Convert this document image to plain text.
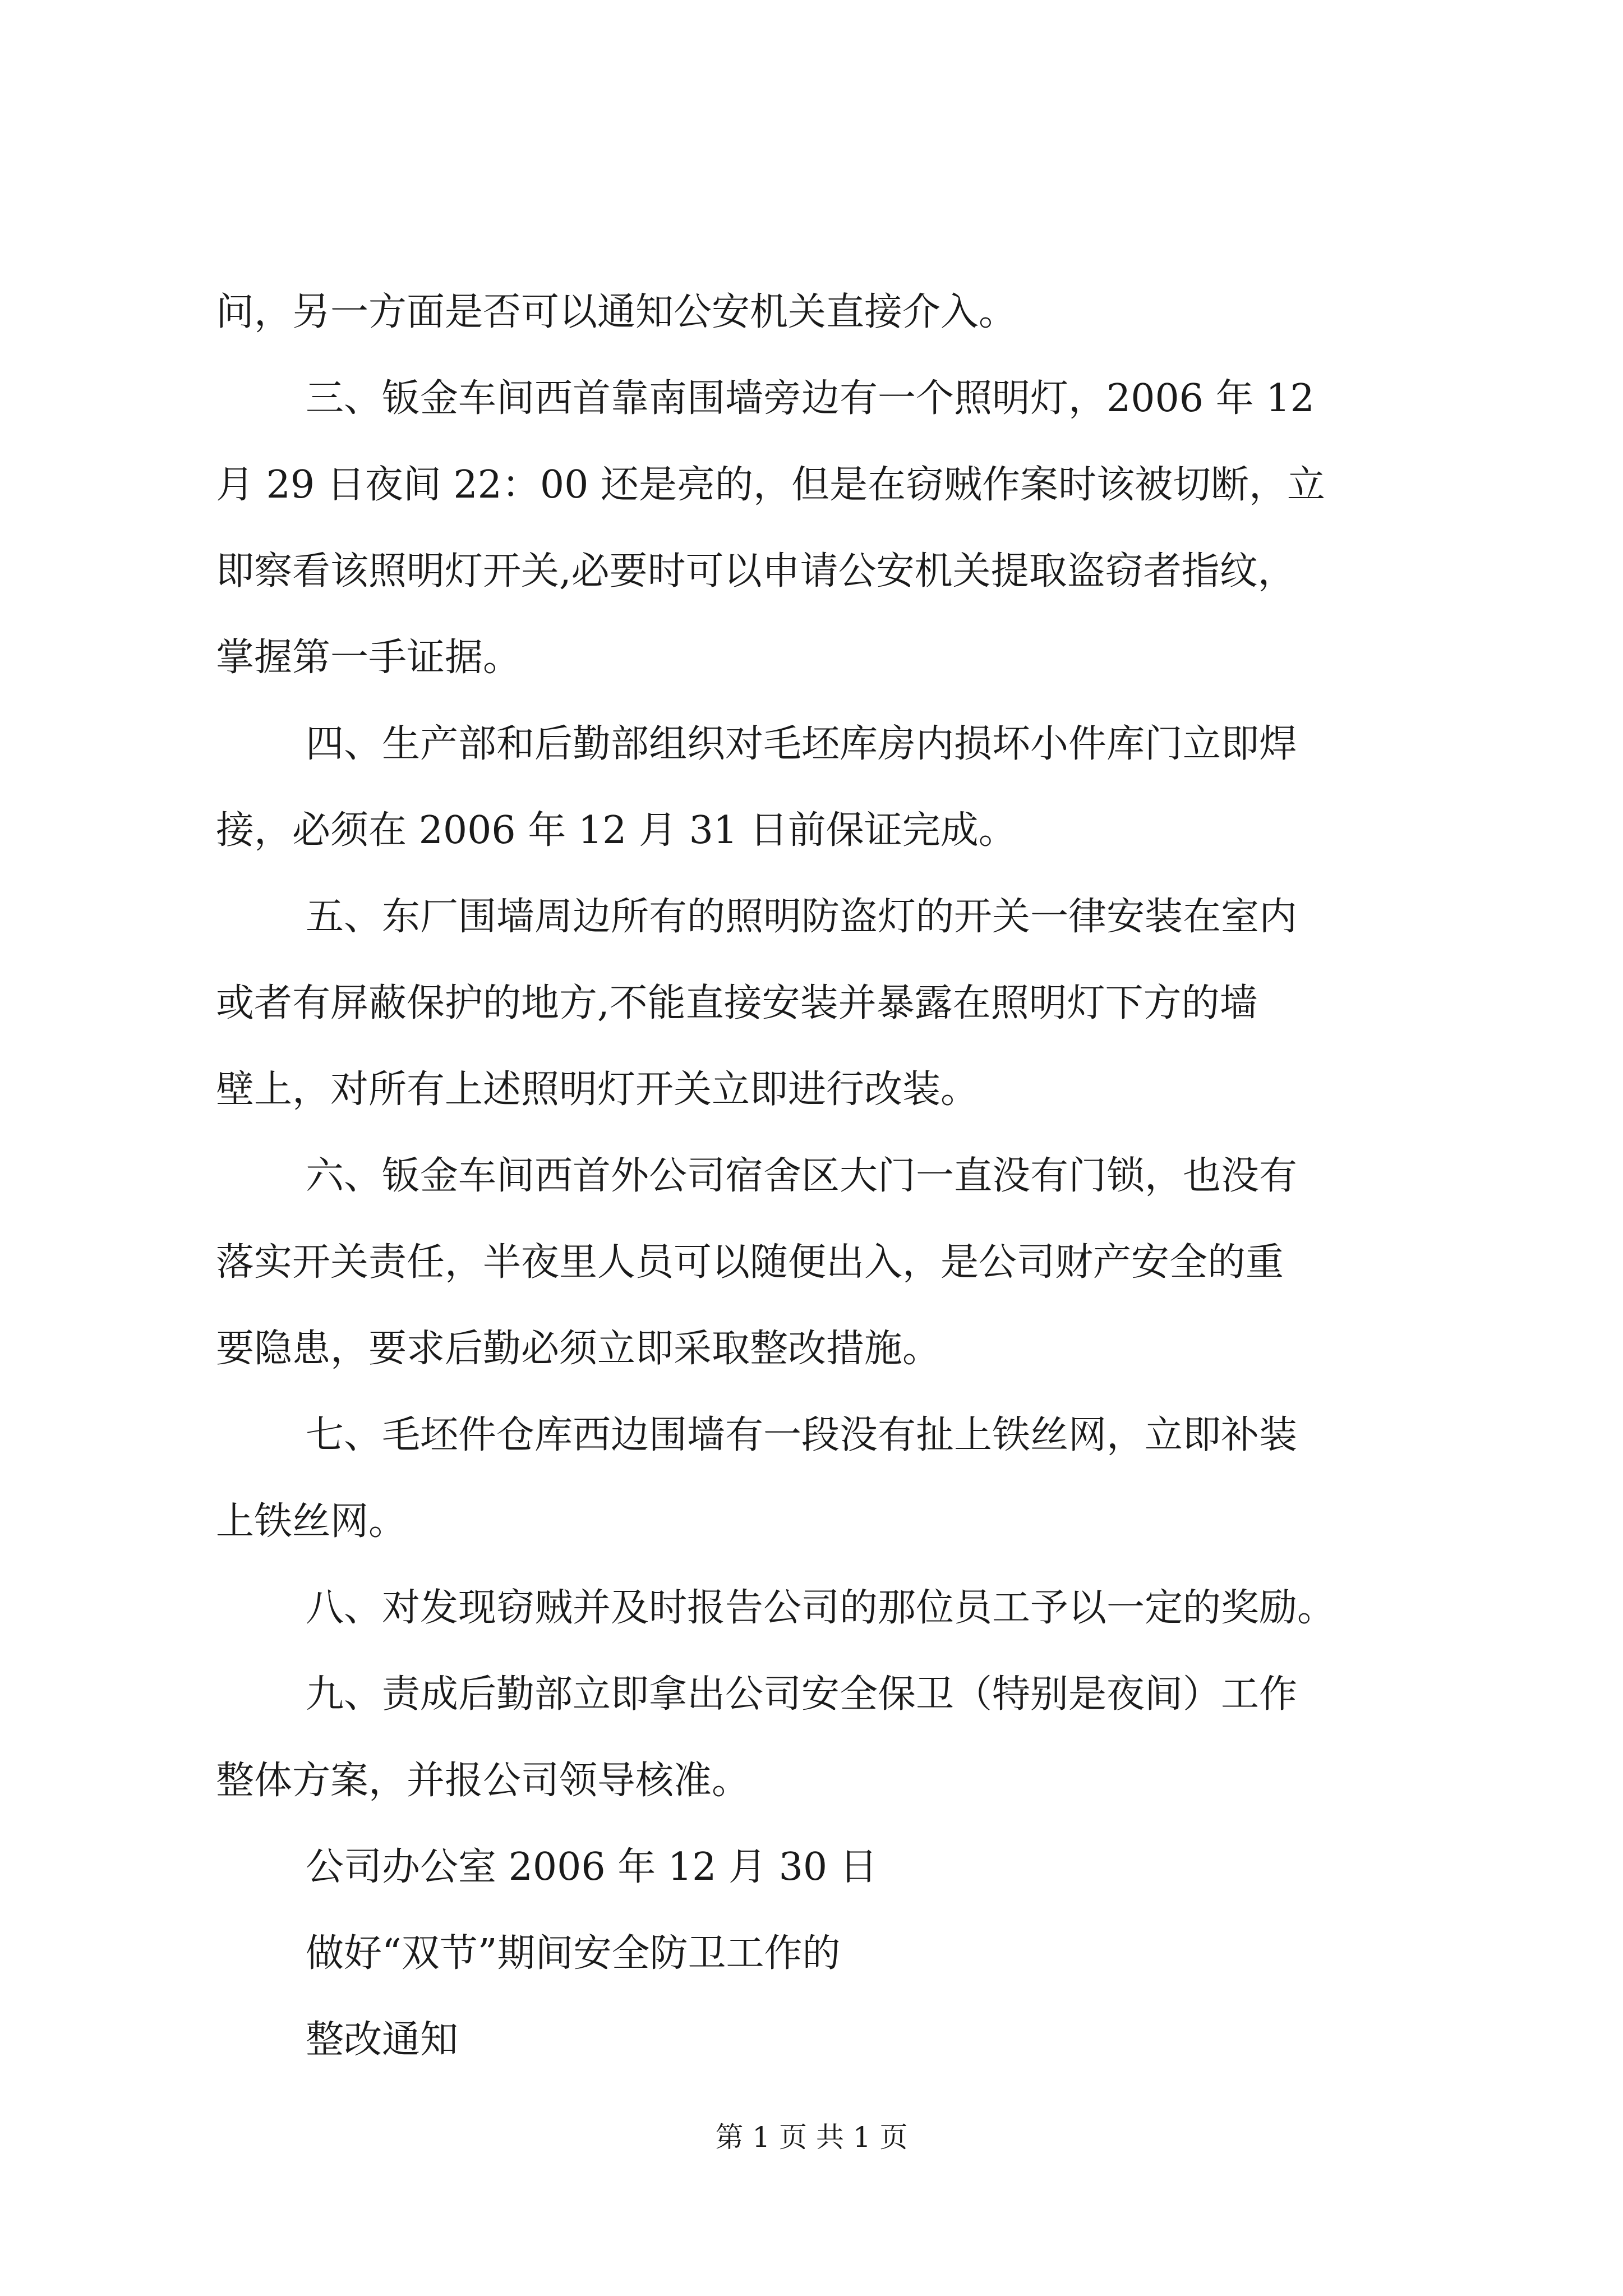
问，另一方面是否可以通知公安机关直接介入。
三、钣金车间西首靠南围墙旁边有一个照明灯，2006 年 12
月 29 日夜间 22：00 还是亮的，但是在窃贼作案时该被切断，立
即察看该照明灯开关,必要时可以申请公安机关提取盗窃者指纹，
掌握第一手证据。
四、生产部和后勤部组织对毛坯库房内损坏小件库门立即焊
接，必须在 2006 年 12 月 31 日前保证完成。
五、东厂围墙周边所有的照明防盗灯的开关一律安装在室内
或者有屏蔽保护的地方,不能直接安装并暴露在照明灯下方的墙
壁上，对所有上述照明灯开关立即进行改装。
六、钣金车间西首外公司宿舍区大门一直没有门锁，也没有
落实开关责任，半夜里人员可以随便出入，是公司财产安全的重
要隐患，要求后勤必须立即采取整改措施。
七、毛坯件仓库西边围墙有一段没有扯上铁丝网，立即补装
上铁丝网。
八、对发现窃贼并及时报告公司的那位员工予以一定的奖励。
九、责成后勤部立即拿出公司安全保卫（特别是夜间）工作
整体方案，并报公司领导核准。
公司办公室 2006 年 12 月 30 日
做好“双节”期间安全防卫工作的
整改通知
第 1 页 共 1 页
